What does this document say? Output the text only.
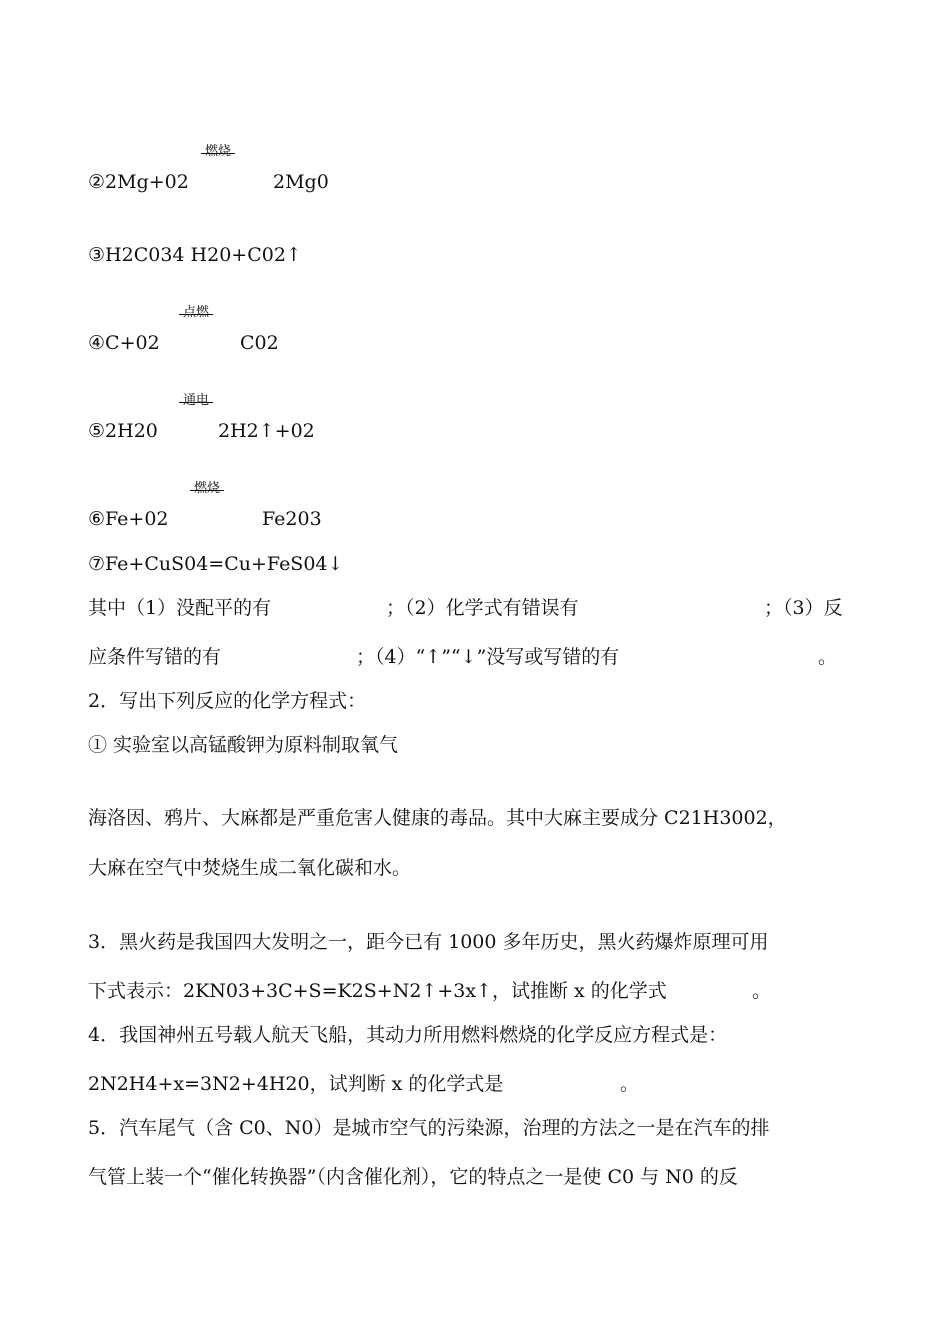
燃烧
②2Mg+02	2Mg0
③H2C034 H20+C02↑
点燃
④C+02	C02
通电
⑤2H20	2H2↑+02
燃烧
⑥Fe+02	Fe203
⑦Fe+CuS04=Cu+FeS04↓
其中（1）没配平的有	；（2）化学式有错误有	；（3）反
应条件写错的有	；（4）“↑”“↓”没写或写错的有	。
2．写出下列反应的化学方程式：
① 实验室以高锰酸钾为原料制取氧气
海洛因、鸦片、大麻都是严重危害人健康的毒品。其中大麻主要成分 C21H3002，
大麻在空气中焚烧生成二氧化碳和水。
3．黑火药是我国四大发明之一，距今已有 1000 多年历史，黑火药爆炸原理可用
下式表示：2KN03+3C+S=K2S+N2↑+3x↑，试推断 x 的化学式	。
4．我国神州五号载人航天飞船，其动力所用燃料燃烧的化学反应方程式是：
2N2H4+x=3N2+4H20，试判断 x 的化学式是	。
5．汽车尾气（含 C0、N0）是城市空气的污染源，治理的方法之一是在汽车的排
气管上装一个“催化转换器”（内含催化剂），它的特点之一是使 C0 与 N0 的反
